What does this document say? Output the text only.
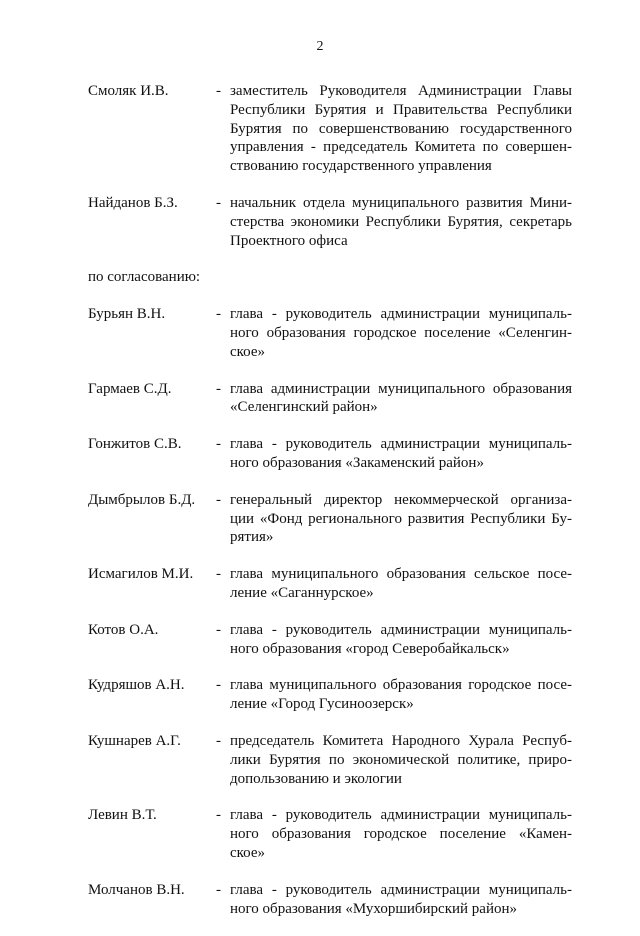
2
Смоляк И.В.	- заместитель Руководителя Администрации Главы
Республики Бурятия и Правительства Республики
Бурятия по совершенствованию государственного
управления - председатель Комитета по совершен-
ствованию государственного управления
Найданов Б.З.	- начальник отдела муниципального развития Мини-
стерства экономики Республики Бурятия, секретарь
Проектного офиса
по согласованию:
Бурьян В.Н.	- глава - руководитель администрации муниципаль-
ного образования городское поселение «Селенгин-
ское»
Гармаев С.Д.	- глава администрации муниципального образования
«Селенгинский район»
Гонжитов С.В.	- глава - руководитель администрации муниципаль-
ного образования «Закаменский район»
Дымбрылов Б.Д.	- генеральный директор некоммерческой организа-
ции «Фонд регионального развития Республики Бу-
рятия»
Исмагилов М.И.	- глава муниципального образования сельское посе-
ление «Саганнурское»
Котов О.А.	- глава - руководитель администрации муниципаль-
ного образования «город Северобайкальск»
Кудряшов А.Н.	- глава муниципального образования городское посе-
ление «Город Гусиноозерск»
Кушнарев А.Г.	- председатель Комитета Народного Хурала Респуб-
лики Бурятия по экономической политике, приро-
допользованию и экологии
Левин В.Т.	- глава - руководитель администрации муниципаль-
ного образования городское поселение «Камен-
ское»
Молчанов В.Н.	- глава - руководитель администрации муниципаль-
ного образования «Мухоршибирский район»
